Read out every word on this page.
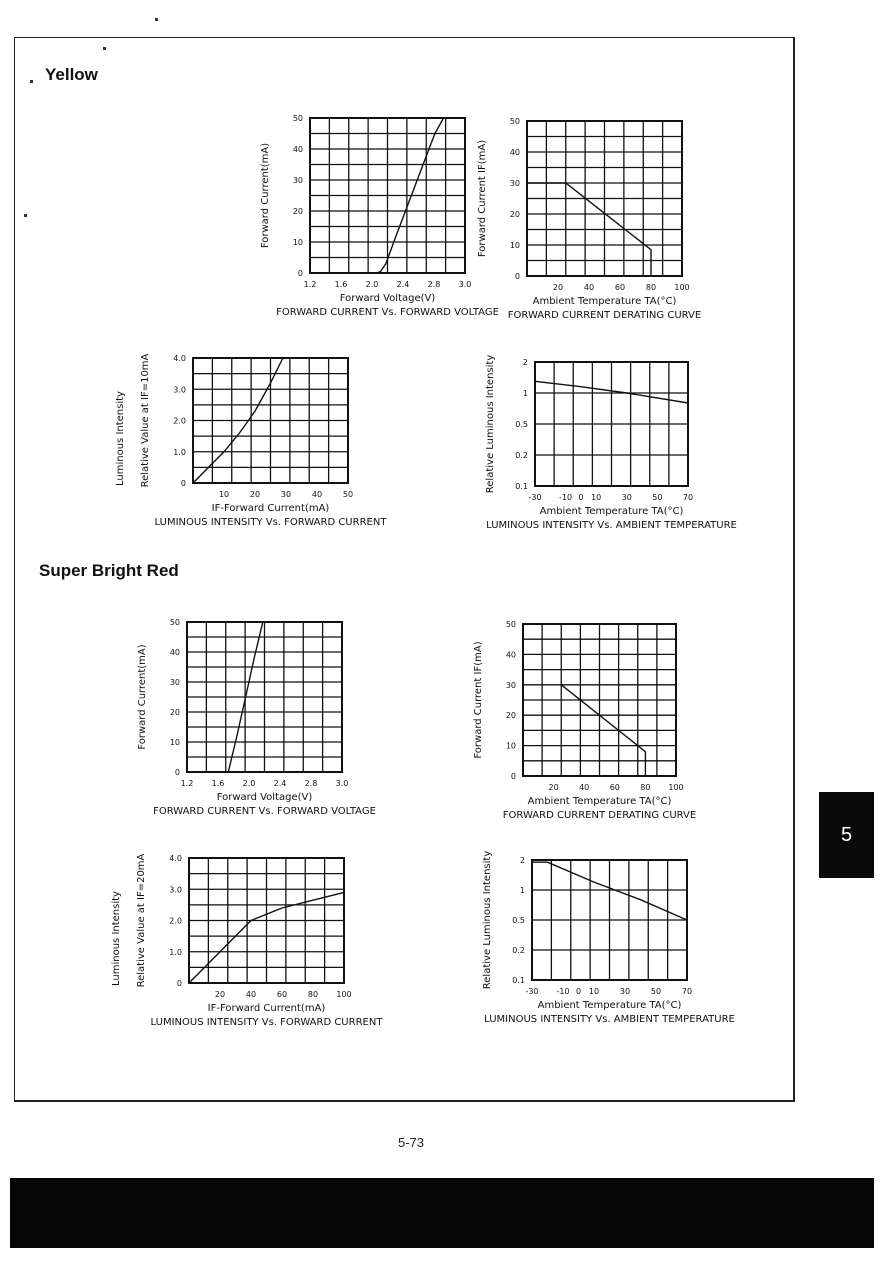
Yellow
Super Bright Red
1.2 1.6 2.0 2.4 2.8 3.0
0
10
20
30
40
50
Forward Voltage(V)
FORWARD CURRENT Vs. FORWARD VOLTAGE
Forward Current(mA)
20	40	60	80 100
0
10
20
30
40
50
Ambient Temperature TA(°C)
FORWARD CURRENT DERATING CURVE
Forward Current IF(mA)
10	20	30	40	50
0
1.0
2.0
3.0
4.0
IF-Forward Current(mA)
LUMINOUS INTENSITY Vs. FORWARD CURRENT
Relative Value at IF=10mA
Luminous Intensity
-30 -10 0 10	30	50	70
0.1
0.2
0.5
1
2
Ambient Temperature TA(°C)
LUMINOUS INTENSITY Vs. AMBIENT TEMPERATURE
Relative Luminous Intensity
1.2 1.6 2.0 2.4 2.8 3.0
0
10
20
30
40
50
Forward Voltage(V)
FORWARD CURRENT Vs. FORWARD VOLTAGE
Forward Current(mA)
20	40	60	80 100
0
10
20
30
40
50
Ambient Temperature TA(°C)
FORWARD CURRENT DERATING CURVE
Forward Current IF(mA)
20	40	60	80 100
0
1.0
2.0
3.0
4.0
IF-Forward Current(mA)
LUMINOUS INTENSITY Vs. FORWARD CURRENT
Relative Value at IF=20mA
Luminous Intensity
-30 -10 0 10	30	50	70
0.1
0.2
0.5
1
2
Ambient Temperature TA(°C)
LUMINOUS INTENSITY Vs. AMBIENT TEMPERATURE
Relative Luminous Intensity
5
5-73
